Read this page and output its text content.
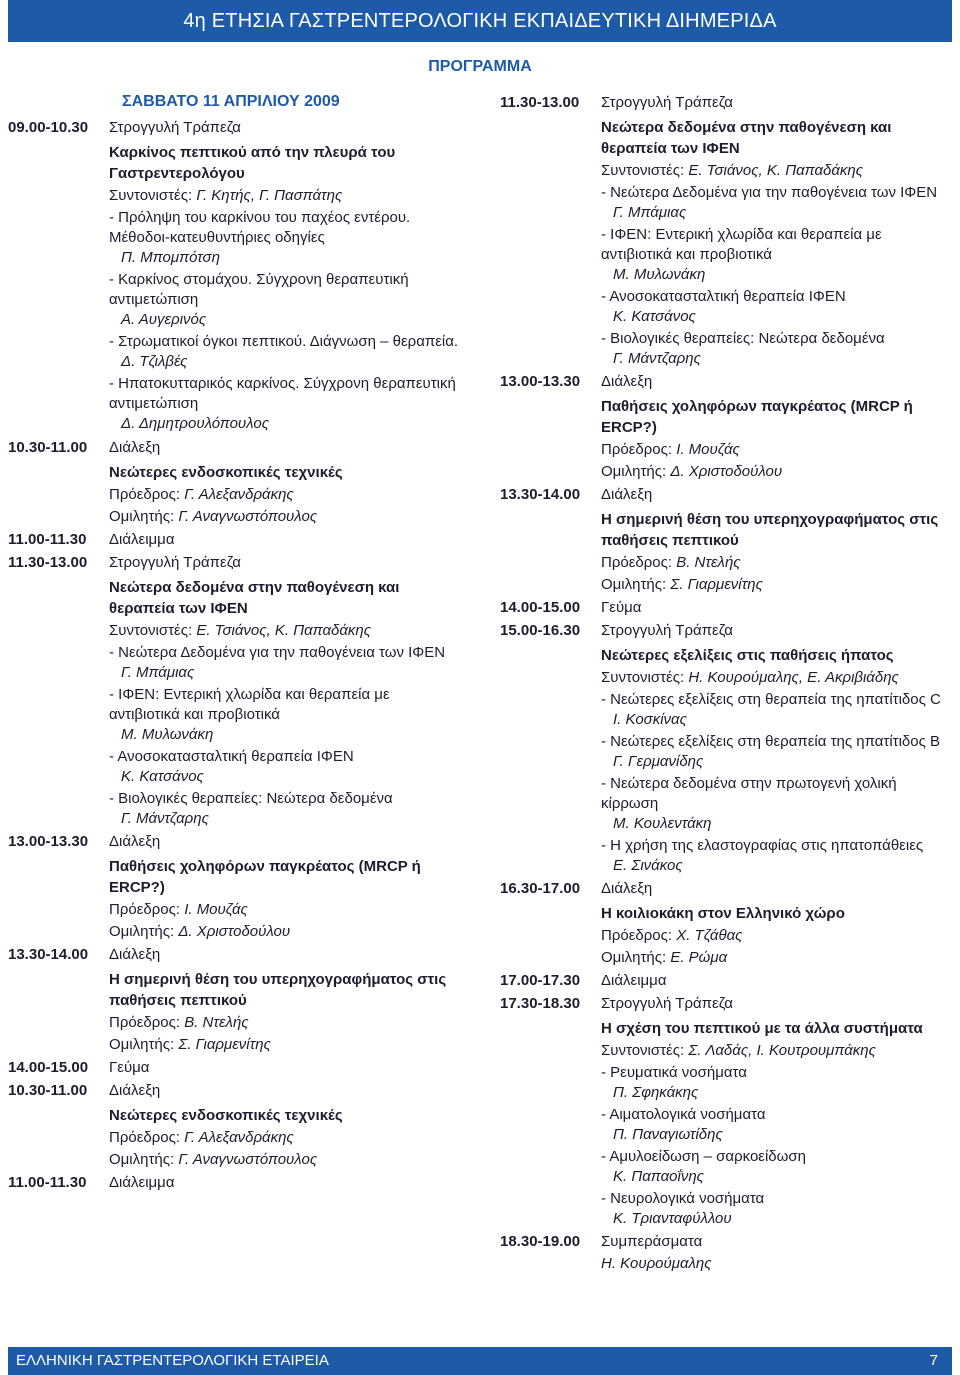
4η ΕΤΗΣΙΑ ΓΑΣΤΡΕΝΤΕΡΟΛΟΓΙΚΗ ΕΚΠΑΙΔΕΥΤΙΚΗ ΔΙΗΜΕΡΙΔΑ
ΠΡΟΓΡΑΜΜΑ
ΣΑΒΒΑΤΟ 11 ΑΠΡΙΛΙΟΥ 2009
09.00-10.30	Στρογγυλή Τράπεζα
Καρκίνος πεπτικού από την πλευρά του Γαστρεντερολόγου
Συντονιστές: Γ. Κητής, Γ. Πασπάτης
- Πρόληψη του καρκίνου του παχέος εντέρου. Μέθοδοι-κατευθυντήριες οδηγίες
Π. Μπομπότση
- Καρκίνος στομάχου. Σύγχρονη θεραπευτική αντιμετώπιση
Α. Αυγερινός
- Στρωματικοί όγκοι πεπτικού. Διάγνωση – θεραπεία.
Δ. Τζιλβές
- Ηπατοκυτταρικός καρκίνος. Σύγχρονη θεραπευτική αντιμετώπιση
Δ. Δημητρουλόπουλος
10.30-11.00	Διάλεξη
Νεώτερες ενδοσκοπικές τεχνικές
Πρόεδρος: Γ. Αλεξανδράκης
Ομιλητής: Γ. Αναγνωστόπουλος
11.00-11.30	Διάλειμμα
11.30-13.00	Στρογγυλή Τράπεζα
Νεώτερα δεδομένα στην παθογένεση και θεραπεία των ΙΦΕΝ
Συντονιστές: Ε. Τσιάνος, Κ. Παπαδάκης
- Νεώτερα Δεδομένα για την παθογένεια των ΙΦΕΝ
Γ. Μπάμιας
- ΙΦΕΝ: Εντερική χλωρίδα και θεραπεία με αντιβιοτικά και προβιοτικά
Μ. Μυλωνάκη
- Ανοσοκατασταλτική θεραπεία ΙΦΕΝ
Κ. Κατσάνος
- Βιολογικές θεραπείες: Νεώτερα δεδομένα
Γ. Μάντζαρης
13.00-13.30	Διάλεξη
Παθήσεις χοληφόρων παγκρέατος (MRCP ή ERCP?)
Πρόεδρος: Ι. Μουζάς
Ομιλητής: Δ. Χριστοδούλου
13.30-14.00	Διάλεξη
Η σημερινή θέση του υπερηχογραφήματος στις παθήσεις πεπτικού
Πρόεδρος: Β. Ντελής
Ομιλητής: Σ. Γιαρμενίτης
14.00-15.00	Γεύμα
10.30-11.00	Διάλεξη
Νεώτερες ενδοσκοπικές τεχνικές
Πρόεδρος: Γ. Αλεξανδράκης
Ομιλητής: Γ. Αναγνωστόπουλος
11.00-11.30	Διάλειμμα
11.30-13.00	Στρογγυλή Τράπεζα
Νεώτερα δεδομένα στην παθογένεση και θεραπεία των ΙΦΕΝ
Συντονιστές: Ε. Τσιάνος, Κ. Παπαδάκης
- Νεώτερα Δεδομένα για την παθογένεια των ΙΦΕΝ
Γ. Μπάμιας
- ΙΦΕΝ: Εντερική χλωρίδα και θεραπεία με αντιβιοτικά και προβιοτικά
Μ. Μυλωνάκη
- Ανοσοκατασταλτική θεραπεία ΙΦΕΝ
Κ. Κατσάνος
- Βιολογικές θεραπείες: Νεώτερα δεδομένα
Γ. Μάντζαρης
13.00-13.30	Διάλεξη
Παθήσεις χοληφόρων παγκρέατος (MRCP ή ERCP?)
Πρόεδρος: Ι. Μουζάς
Ομιλητής: Δ. Χριστοδούλου
13.30-14.00	Διάλεξη
Η σημερινή θέση του υπερηχογραφήματος στις παθήσεις πεπτικού
Πρόεδρος: Β. Ντελής
Ομιλητής: Σ. Γιαρμενίτης
14.00-15.00	Γεύμα
15.00-16.30	Στρογγυλή Τράπεζα
Νεώτερες εξελίξεις στις παθήσεις ήπατος
Συντονιστές: Η. Κουρούμαλης, Ε. Ακριβιάδης
- Νεώτερες εξελίξεις στη θεραπεία της ηπατίτιδος C
Ι. Κοσκίνας
- Νεώτερες εξελίξεις στη θεραπεία της ηπατίτιδος B
Γ. Γερμανίδης
- Νεώτερα δεδομένα στην πρωτογενή χολική κίρρωση
Μ. Κουλεντάκη
- Η χρήση της ελαστογραφίας στις ηπατοπάθειες
Ε. Σινάκος
16.30-17.00	Διάλεξη
Η κοιλιοκάκη στον Ελληνικό χώρο
Πρόεδρος: Χ. Τζάθας
Ομιλητής: Ε. Ρώμα
17.00-17.30	Διάλειμμα
17.30-18.30	Στρογγυλή Τράπεζα
Η σχέση του πεπτικού με τα άλλα συστήματα
Συντονιστές: Σ. Λαδάς, Ι. Κουτρουμπάκης
- Ρευματικά νοσήματα
Π. Σφηκάκης
- Αιματολογικά νοσήματα
Π. Παναγιωτίδης
- Αμυλοείδωση – σαρκοείδωση
Κ. Παπαοΐνης
- Νευρολογικά νοσήματα
Κ. Τριανταφύλλου
18.30-19.00	Συμπεράσματα
Η. Κουρούμαλης
ΕΛΛΗΝΙΚΗ ΓΑΣΤΡΕΝΤΕΡΟΛΟΓΙΚΗ ΕΤΑΙΡΕΙΑ	7
